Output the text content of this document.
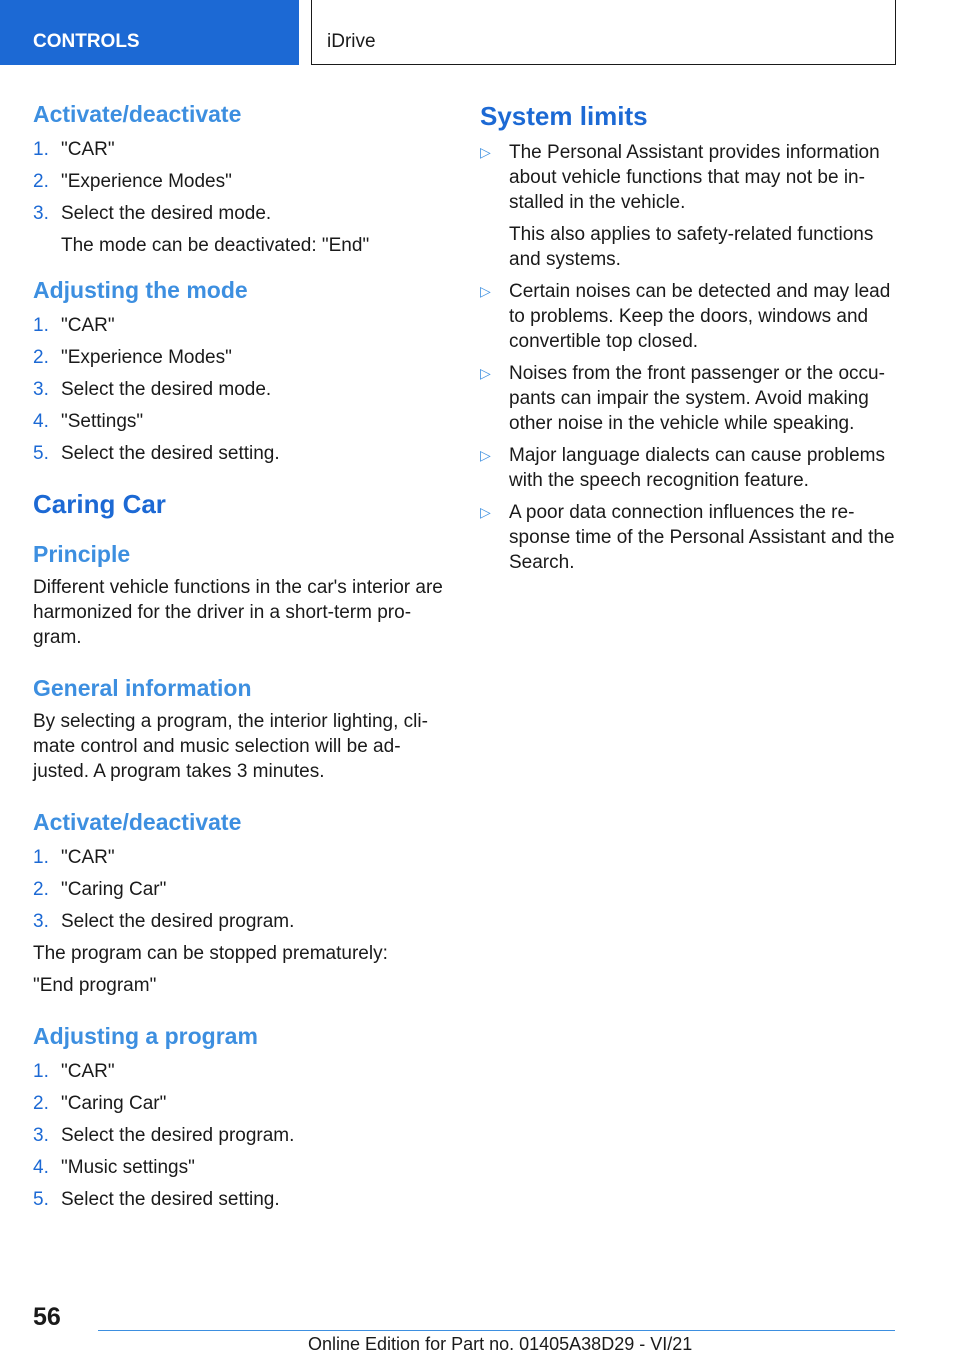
CONTROLS	iDrive
Activate/deactivate
1. "CAR"
2. "Experience Modes"
3. Select the desired mode.
The mode can be deactivated: "End"
Adjusting the mode
1. "CAR"
2. "Experience Modes"
3. Select the desired mode.
4. "Settings"
5. Select the desired setting.
Caring Car
Principle

Different vehicle functions in the car's interior are harmonized for the driver in a short-term program.

General information

By selecting a program, the interior lighting, climate control and music selection will be adjusted. A program takes 3 minutes.

Activate/deactivate
1. "CAR"
2. "Caring Car"
3. Select the desired program.

The program can be stopped prematurely:

"End program"

Adjusting a program
1. "CAR"
2. "Caring Car"
3. Select the desired program.
4. "Music settings"
5. Select the desired setting.
System limits
▷ The Personal Assistant provides information about vehicle functions that may not be installed in the vehicle.
This also applies to safety-related functions and systems.
▷ Certain noises can be detected and may lead to problems. Keep the doors, windows and convertible top closed.
▷ Noises from the front passenger or the occupants can impair the system. Avoid making other noise in the vehicle while speaking.
▷ Major language dialects can cause problems with the speech recognition feature.
▷ A poor data connection influences the response time of the Personal Assistant and the Search.
56
Online Edition for Part no. 01405A38D29 - VI/21
